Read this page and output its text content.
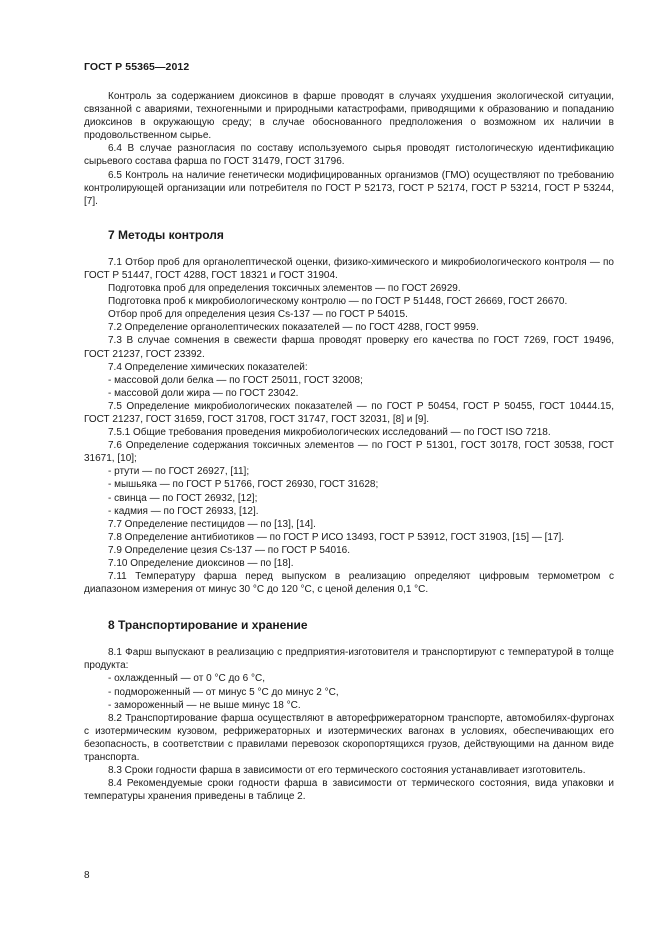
ГОСТ Р 55365—2012

Контроль за содержанием диоксинов в фарше проводят в случаях ухудшения экологической ситуации, связанной с авариями, техногенными и природными катастрофами, приводящими к образованию и попаданию диоксинов в окружающую среду; в случае обоснованного предположения о возможном их наличии в продовольственном сырье.

6.4 В случае разногласия по составу используемого сырья проводят гистологическую идентификацию сырьевого состава фарша по ГОСТ 31479, ГОСТ 31796.

6.5 Контроль на наличие генетически модифицированных организмов (ГМО) осуществляют по требованию контролирующей организации или потребителя по ГОСТ Р 52173, ГОСТ Р 52174, ГОСТ Р 53214, ГОСТ Р 53244, [7].

7 Методы контроля

7.1 Отбор проб для органолептической оценки, физико-химического и микробиологического контроля — по ГОСТ Р 51447, ГОСТ 4288, ГОСТ 18321 и ГОСТ 31904.

Подготовка проб для определения токсичных элементов — по ГОСТ 26929.

Подготовка проб к микробиологическому контролю — по ГОСТ Р 51448, ГОСТ 26669, ГОСТ 26670.

Отбор проб для определения цезия Cs-137 — по ГОСТ Р 54015.

7.2 Определение органолептических показателей — по ГОСТ 4288, ГОСТ 9959.

7.3 В случае сомнения в свежести фарша проводят проверку его качества по ГОСТ 7269, ГОСТ 19496, ГОСТ 21237, ГОСТ 23392.

7.4 Определение химических показателей:

- массовой доли белка — по ГОСТ 25011, ГОСТ 32008;

- массовой доли жира — по ГОСТ 23042.

7.5 Определение микробиологических показателей — по ГОСТ Р 50454, ГОСТ Р 50455, ГОСТ 10444.15, ГОСТ 21237, ГОСТ 31659, ГОСТ 31708, ГОСТ 31747, ГОСТ 32031, [8] и [9].

7.5.1 Общие требования проведения микробиологических исследований — по ГОСТ ISO 7218.

7.6 Определение содержания токсичных элементов — по ГОСТ Р 51301, ГОСТ 30178, ГОСТ 30538, ГОСТ 31671, [10];

- ртути — по ГОСТ 26927, [11];

- мышьяка — по ГОСТ Р 51766, ГОСТ 26930, ГОСТ 31628;

- свинца — по ГОСТ 26932, [12];

- кадмия — по ГОСТ 26933, [12].

7.7 Определение пестицидов — по [13], [14].

7.8 Определение антибиотиков — по ГОСТ Р ИСО 13493, ГОСТ Р 53912, ГОСТ 31903, [15] — [17].

7.9 Определение цезия Cs-137 — по ГОСТ Р 54016.

7.10 Определение диоксинов — по [18].

7.11 Температуру фарша перед выпуском в реализацию определяют цифровым термометром с диапазоном измерения от минус 30 °С до 120 °С, с ценой деления 0,1 °С.

8 Транспортирование и хранение

8.1 Фарш выпускают в реализацию с предприятия-изготовителя и транспортируют с температурой в толще продукта:

- охлажденный — от 0 °С до 6 °С,

- подмороженный — от минус 5 °С до минус 2 °С,

- замороженный — не выше минус 18 °С.

8.2 Транспортирование фарша осуществляют в авторефрижераторном транспорте, автомобилях-фургонах с изотермическим кузовом, рефрижераторных и изотермических вагонах в условиях, обеспечивающих его безопасность, в соответствии с правилами перевозок скоропортящихся грузов, действующими на данном виде транспорта.

8.3 Сроки годности фарша в зависимости от его термического состояния устанавливает изготовитель.

8.4 Рекомендуемые сроки годности фарша в зависимости от термического состояния, вида упаковки и температуры хранения приведены в таблице 2.

8
